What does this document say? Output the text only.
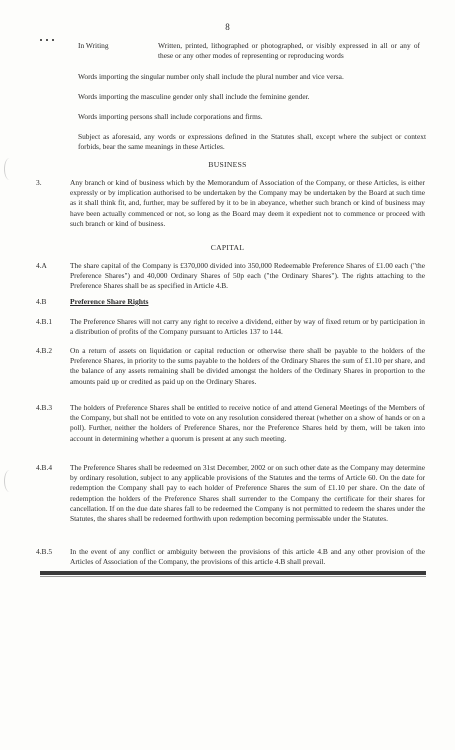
8
In Writing	Written, printed, lithographed or photographed, or visibly expressed in all or any of these or any other modes of representing or reproducing words
Words importing the singular number only shall include the plural number and vice versa.
Words importing the masculine gender only shall include the feminine gender.
Words importing persons shall include corporations and firms.
Subject as aforesaid, any words or expressions defined in the Statutes shall, except where the subject or context forbids, bear the same meanings in these Articles.
BUSINESS
3.	Any branch or kind of business which by the Memorandum of Association of the Company, or these Articles, is either expressly or by implication authorised to be undertaken by the Company may be undertaken by the Board at such time as it shall think fit, and, further, may be suffered by it to be in abeyance, whether such branch or kind of business may have been actually commenced or not, so long as the Board may deem it expedient not to commence or proceed with such branch or kind of business.
CAPITAL
4.A	The share capital of the Company is £370,000 divided into 350,000 Redeemable Preference Shares of £1.00 each ("the Preference Shares") and 40,000 Ordinary Shares of 50p each ("the Ordinary Shares"). The rights attaching to the Preference Shares shall be as specified in Article 4.B.
4.B	Preference Share Rights
4.B.1 The Preference Shares will not carry any right to receive a dividend, either by way of fixed return or by participation in a distribution of profits of the Company pursuant to Articles 137 to 144.
4.B.2 On a return of assets on liquidation or capital reduction or otherwise there shall be payable to the holders of the Preference Shares, in priority to the sums payable to the holders of the Ordinary Shares the sum of £1.10 per share, and the balance of any assets remaining shall be divided amongst the holders of the Ordinary Shares in proportion to the amounts paid up or credited as paid up on the Ordinary Shares.
4.B.3 The holders of Preference Shares shall be entitled to receive notice of and attend General Meetings of the Members of the Company, but shall not be entitled to vote on any resolution considered thereat (whether on a show of hands or on a poll). Further, neither the holders of Preference Shares, nor the Preference Shares held by them, will be taken into account in determining whether a quorum is present at any such meeting.
4.B.4 The Preference Shares shall be redeemed on 31st December, 2002 or on such other date as the Company may determine by ordinary resolution, subject to any applicable provisions of the Statutes and the terms of Article 60. On the date for redemption the Company shall pay to each holder of Preference Shares the sum of £1.10 per share. On the date of redemption the holders of the Preference Shares shall surrender to the Company the certificate for their shares for cancellation. If on the due date shares fall to be redeemed the Company is not permitted to redeem the shares under the Statutes, the shares shall be redeemed forthwith upon redemption becoming permissable under the Statutes.
4.B.5 In the event of any conflict or ambiguity between the provisions of this article 4.B and any other provision of the Articles of Association of the Company, the provisions of this article 4.B shall prevail.
